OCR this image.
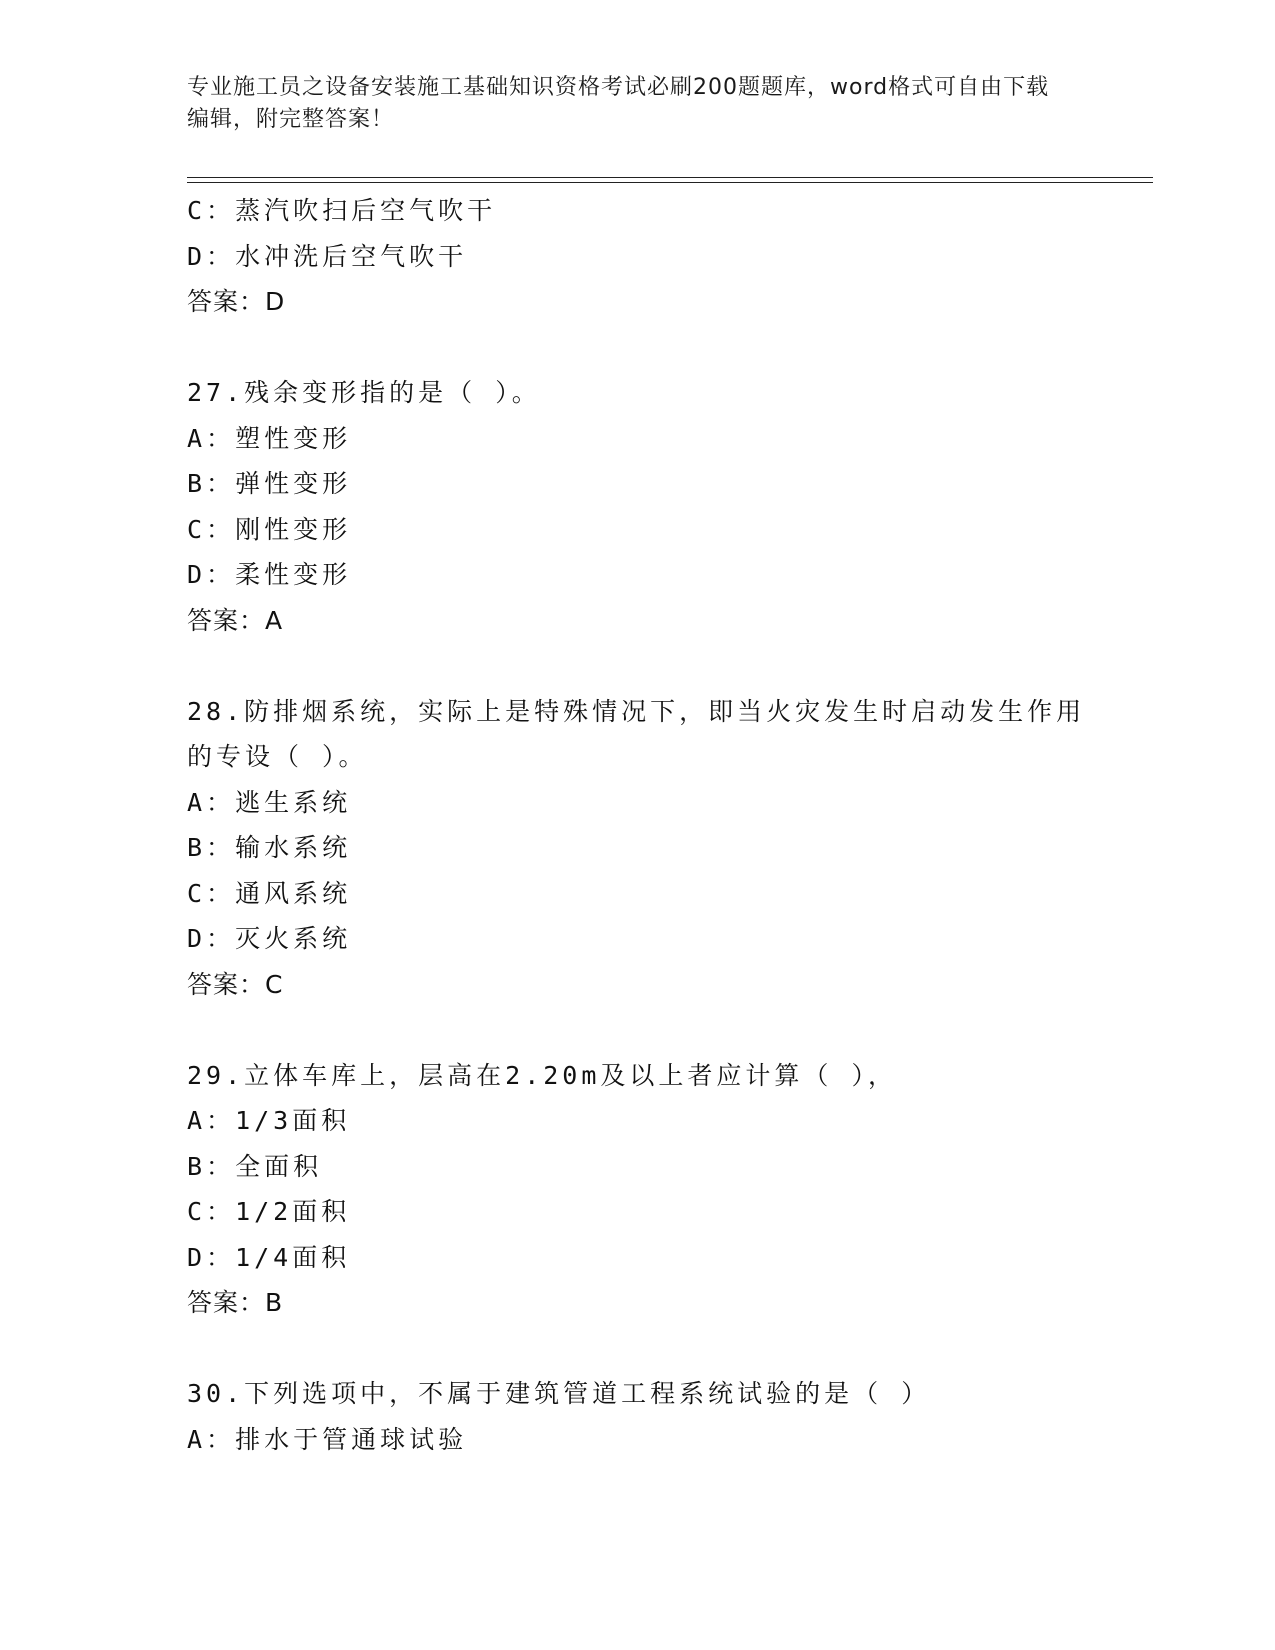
专业施工员之设备安装施工基础知识资格考试必刷200题题库，word格式可自由下载编辑，附完整答案！
C：蒸汽吹扫后空气吹干
D：水冲洗后空气吹干
答案：D
27.残余变形指的是（ ）。
A：塑性变形
B：弹性变形
C：刚性变形
D：柔性变形
答案：A
28.防排烟系统，实际上是特殊情况下，即当火灾发生时启动发生作用的专设（ ）。
A：逃生系统
B：输水系统
C：通风系统
D：灭火系统
答案：C
29.立体车库上，层高在2.20m及以上者应计算（ ），
A：1/3面积
B：全面积
C：1/2面积
D：1/4面积
答案：B
30.下列选项中，不属于建筑管道工程系统试验的是（ ）
A：排水于管通球试验
